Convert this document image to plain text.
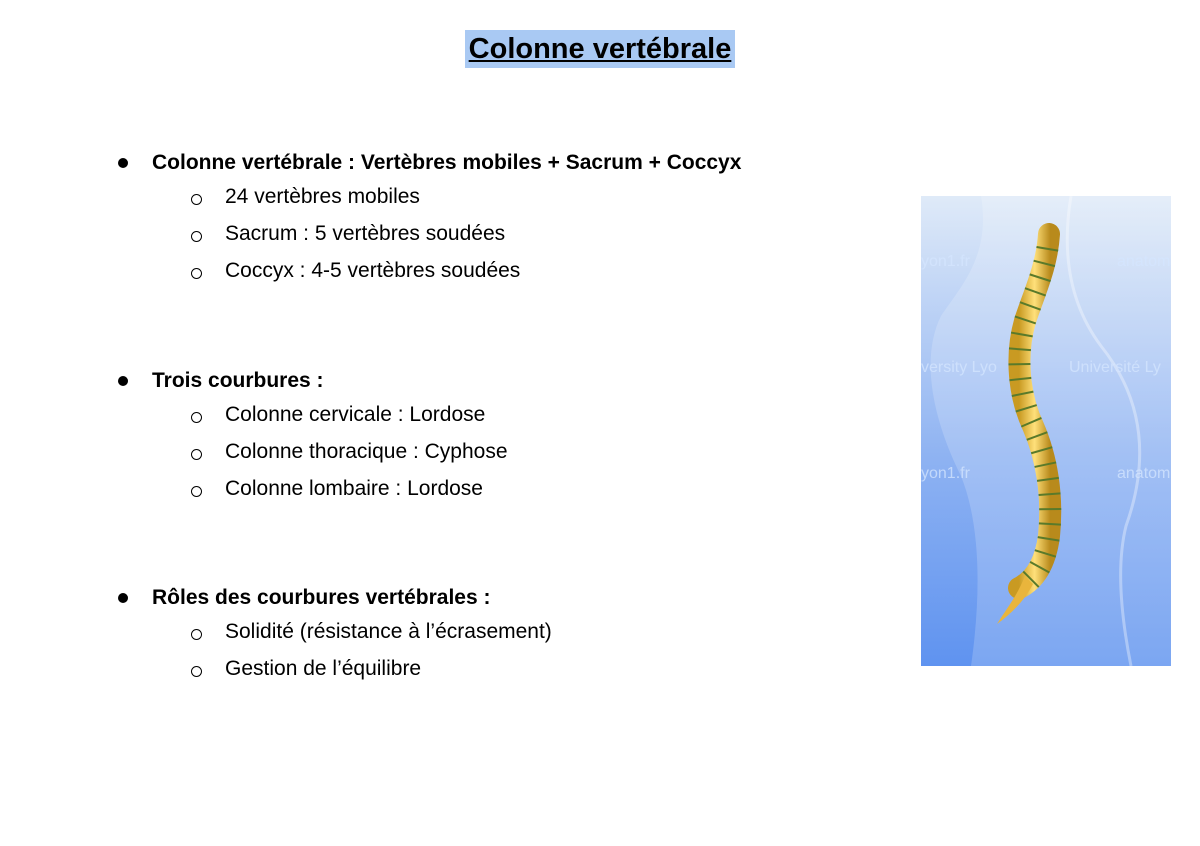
Colonne vertébrale
Colonne vertébrale : Vertèbres mobiles + Sacrum + Coccyx
24 vertèbres mobiles
Sacrum : 5 vertèbres soudées
Coccyx : 4-5 vertèbres soudées
Trois courbures :
Colonne cervicale : Lordose
Colonne thoracique : Cyphose
Colonne lombaire : Lordose
Rôles des courbures vertébrales :
Solidité (résistance à l’écrasement)
Gestion de l’équilibre
yon1.fr	anatom
versity Lyo	Université Ly
yon1.fr	anatom
